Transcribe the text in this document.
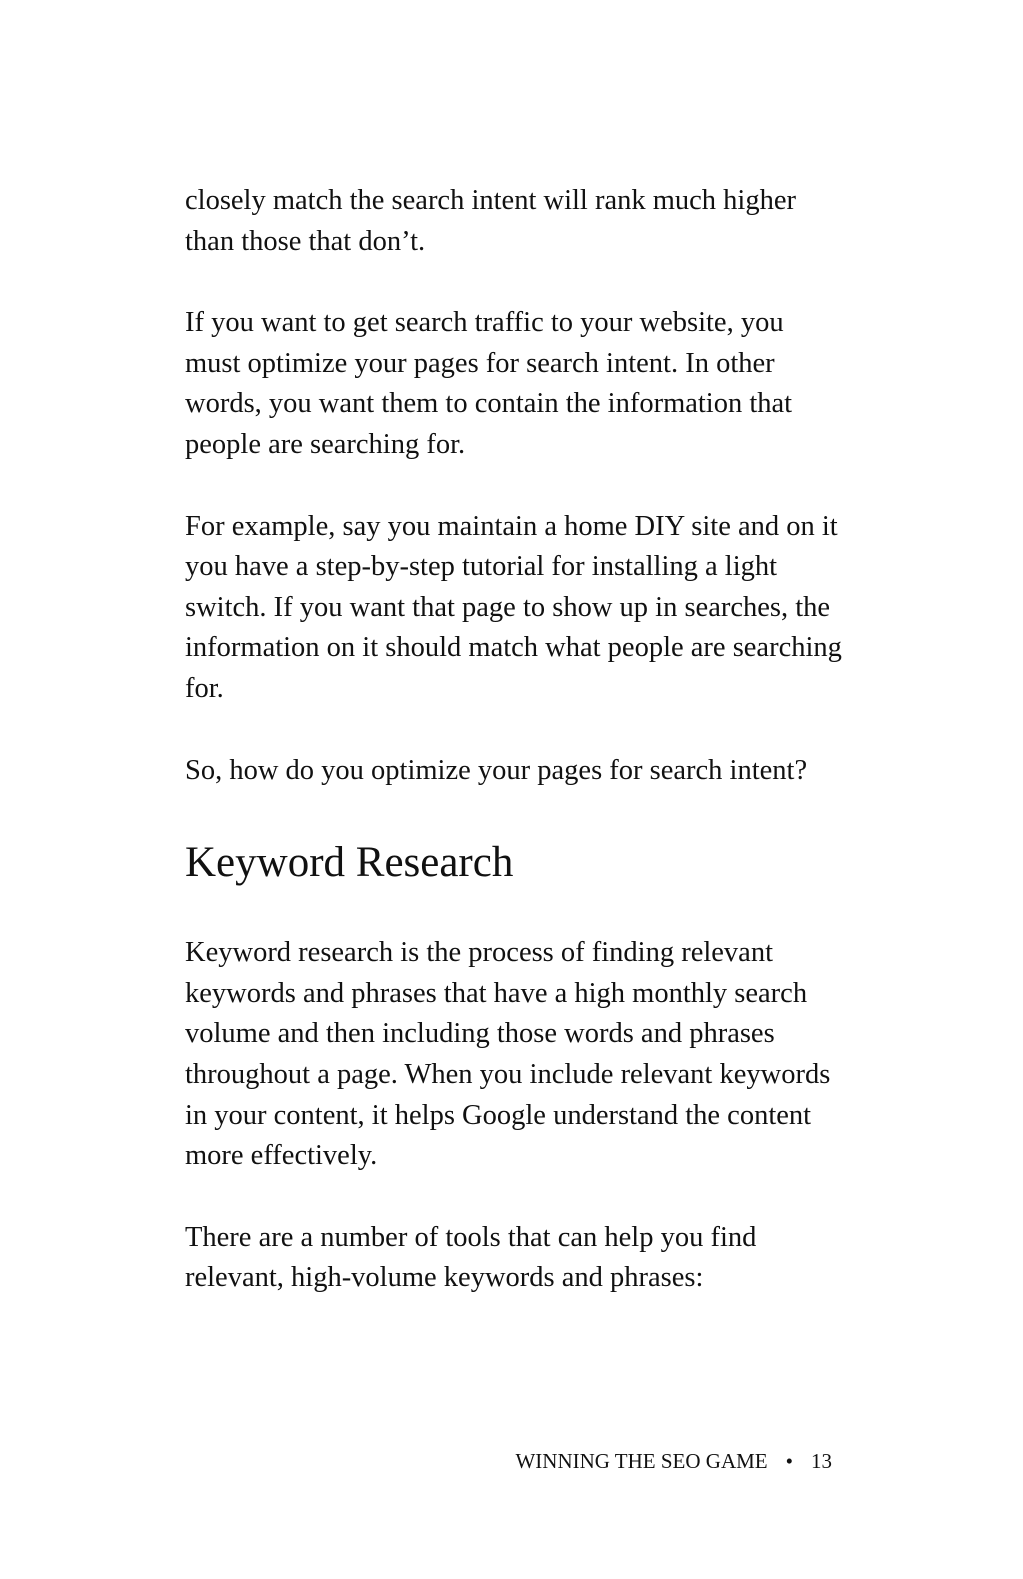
closely match the search intent will rank much higher than those that don’t.

If you want to get search traffic to your website, you must optimize your pages for search intent. In other words, you want them to contain the information that people are searching for.

For example, say you maintain a home DIY site and on it you have a step-by-step tutorial for installing a light switch. If you want that page to show up in searches, the information on it should match what people are searching for.

So, how do you optimize your pages for search intent?

Keyword Research

Keyword research is the process of finding relevant keywords and phrases that have a high monthly search volume and then including those words and phrases throughout a page. When you include relevant keywords in your content, it helps Google understand the content more effectively.

There are a number of tools that can help you find relevant, high-volume keywords and phrases:

WINNING THE SEO GAME • 13
